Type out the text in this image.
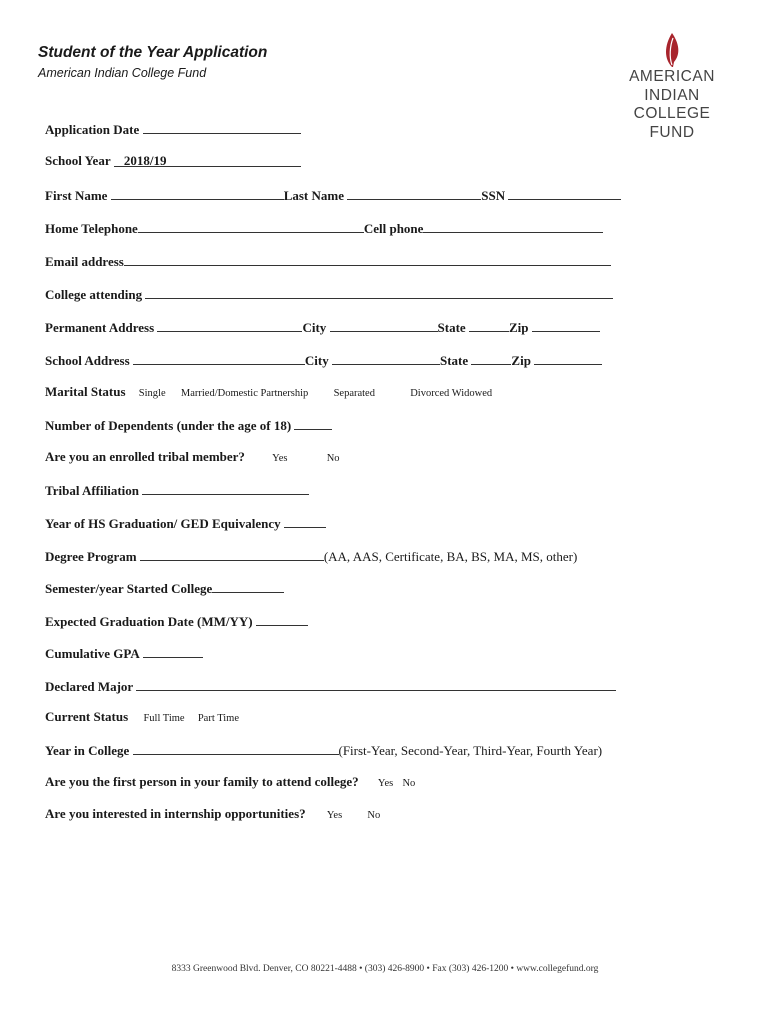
Student of the Year Application
American Indian College Fund	AMERICAN
INDIAN
COLLEGE
FUND
Application Date
School Year 2018/19
First Name	Last Name	SSN
Home Telephone	Cell phone
Email address
College attending
Permanent Address	City	State	Zip
School Address	City	State	Zip
Marital Status Single Married/Domestic Partnership Separated	Divorced Widowed
Number of Dependents (under the age of 18)
Are you an enrolled tribal member?	Yes	No
Tribal Affiliation
Year of HS Graduation/ GED Equivalency
Degree Program	(AA, AAS, Certificate, BA, BS, MA, MS, other)
Semester/year Started College
Expected Graduation Date (MM/YY)
Cumulative GPA
Declared Major
Current Status Full Time Part Time
Year in College	(First-Year, Second-Year, Third-Year, Fourth Year)
Are you the first person in your family to attend college? Yes No
Are you interested in internship opportunities? Yes No
8333 Greenwood Blvd. Denver, CO 80221-4488 • (303) 426-8900 • Fax (303) 426-1200 • www.collegefund.org
